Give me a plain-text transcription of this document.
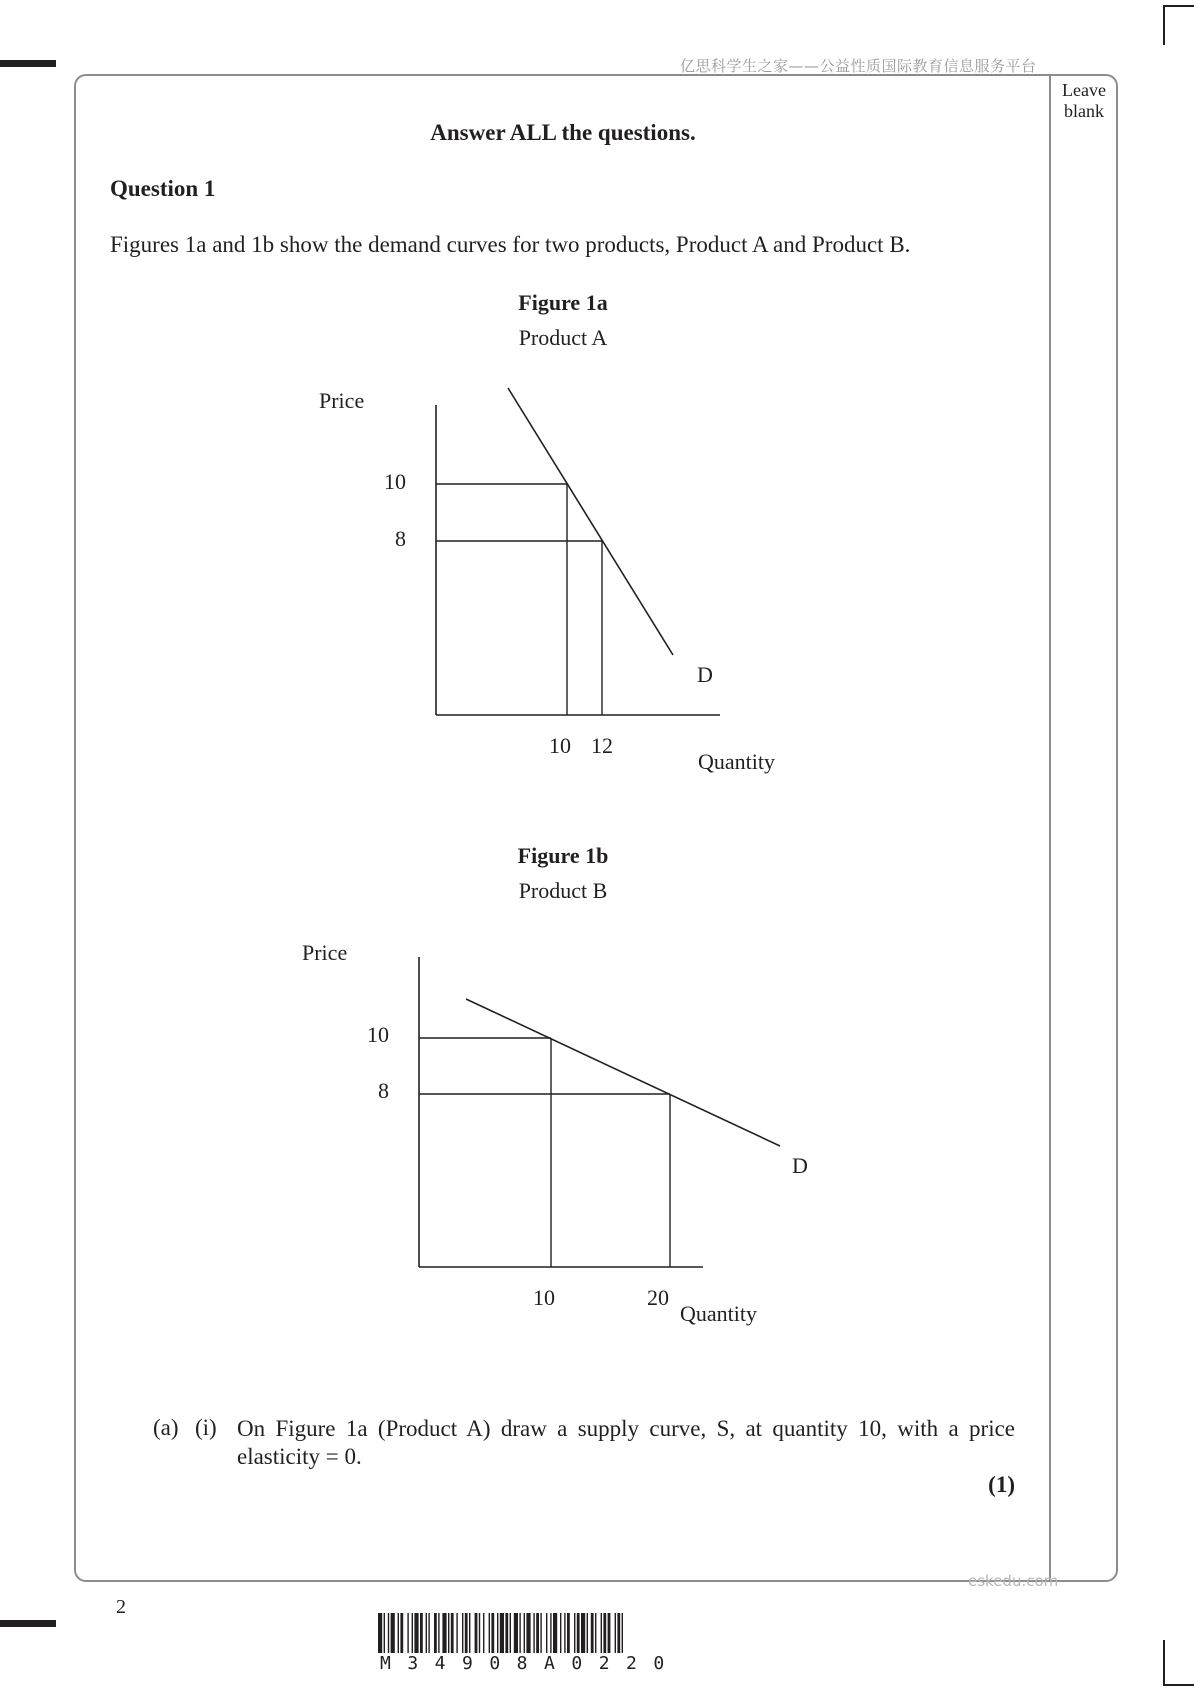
亿思科学生之家——公益性质国际教育信息服务平台
Leave
blank
Answer ALL the questions.
Question 1
Figures 1a and 1b show the demand curves for two products, Product A and Product B.
Figure 1a
Product A
Price
10
8
10 12
D
Quantity
Price
10
8
10	20
D
Quantity
Figure 1b
Product B
(a) (i) On Figure 1a (Product A) draw a supply curve, S, at quantity 10, with a price elasticity = 0.
(1)
2
eskedu.com
M34908A0220
